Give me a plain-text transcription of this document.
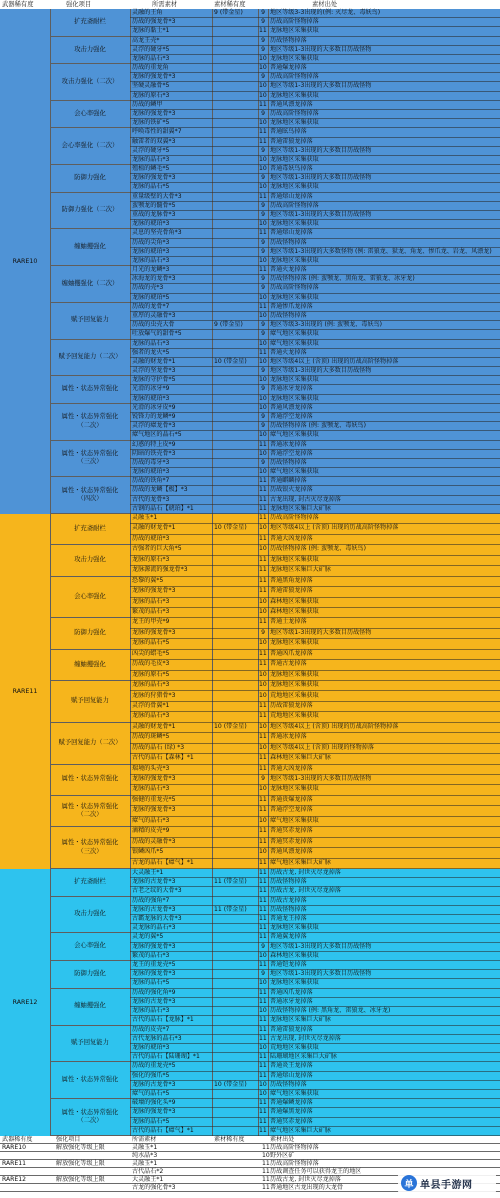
武器稀有度	强化项目	所需素材	素材稀有度	素材出处
RARE10
扩充斋耐栏
灵融的王角	9 (带金星)	9 地区等级3-3出现的(例: 灭尽龙、毒妖鸟)
历战的强龙骨*3	9 历战高阶怪物掉落
龙脉的黏土*1	11 龙脉地区采集获取
攻击力强化
高龙王壳*	9 历战怪物掉落
灵浮的硬牙*5	9 地区等级1-3出现的大多数目历战怪物
龙脉的晶石*3	10 龙脉地区采集获取
攻击力强化（二次）
历战的重龙角	10 普通爆龙掉落
龙脉的强龙骨*3	9 历战高阶怪物掉落
坚硬灵融骨*5	10 地区等级1-3出现的大多数目历战怪物
龙脉的原石*3	10 龙脉地区采集获取
会心率强化
历战的鳞甲	11 普通风漂龙掉落
龙脉的强龙骨*3	9 历战高阶怪物掉落
龙脉的铁矿*5	10 龙脉地区采集获取
会心率强化（二次）
呼唤毒性的甜翼*7	11 普通眩鸟掉落
触雷者的双翼*3	11 普通雷狼龙掉落
灵浮的硬牙*5	9 地区等级1-3出现的大多数目历战怪物
龙脉的晶石*3	10 龙脉地区采集获取
防御力强化
殖植的鳞毛*5	10 普通毒妖鸟掉落
龙脉的强龙骨*3	9 地区等级1-3出现的大多数目历战怪物
龙脉的晶石*5	10 龙脉地区采集获取
防御力强化（二次）
重量级壁的大骨*3	11 普通熔山龙掉落
蛮颚龙的髓骨*5	9 历战高阶怪物掉落
重战的龙脉骨*3	9 地区等级1-3出现的大多数目历战怪物
龙脉的琥珀*3	10 龙脉地区采集获取
缠蚰攫强化
灵息的坚壳骨角*3	11 普通熔山龙掉落
历战的尖角*3	9 历战怪物掉落
龙脉的琥珀*3	9 地区等级1-3出现的大多数怪物 (例: 雷狼龙、狱龙、角龙、惨爪龙、岩龙、风漂龙)
龙脉的晶石*3	10 龙脉地区采集获取
缠蚰攫强化（二次）
月光的龙鳞*3	11 普通火龙掉落
冰海龙的龙骨*3	9 历战怪物掉落 (例: 蛮颚龙、黑角龙、雷狼龙、冰牙龙)
历战的壳*3	9 历战高阶怪物掉落
龙脉的琥珀*5	10 龙脉地区采集获取
赋予回复能力
历战的龙骨*7	11 普通惨爪龙掉落
重厚的灵融骨*3	10 历战怪物掉落
历战的虫壳大骨	9 (带金星)	9 地区等级3-3出现的 (例: 蛮颚龙、毒妖鸟)
吐放爆气的甜骨*5	9 瘴气地区采集获取
赋予回复能力（二次）
龙脉的晶石*3	10 瘴气地区采集获取
强者的龙火*5	11 普通火龙掉落
灵融的财龙骨*1	10 (带金星)	10 地区等级4以上 (含顶) 出现的历战高阶怪物掉落
灵浮的坚龙骨*3	9 地区等级1-3出现的大多数目历战怪物
属性・状态异常强化
龙脉的守护骨*5	10 龙脉地区采集获取
光滑的冰牙*9	9 普通冰牙龙掉落
龙脉的琥珀*3	10 龙脉地区采集获取
属性・状态异常强化
（二次）
光滑的冰牙皮*9	10 普通风漂龙掉落
锐锋力的龙鳞*9	9 普通浮空龙掉落
灵浮的瘴龙骨*3	9 历战怪物掉落 (例: 蛮颚龙、毒妖鸟)
瘴气地区的晶石*5	10 瘴气地区采集获取
属性・状态异常强化
（三次）
幻惑的特上皮*9	11 普通冰龙掉落
阴暗的铁壳骨*3	10 普通浮空龙掉落
历战的毒牙*3	9 历战怪物掉落
龙脉的琥珀*3	10 瘴气地区采集获取
属性・状态异常强化
（四次）
历战的铁角*7	11 普通麒麟掉落
历战的龙鳞【极】*3	11 历战银火龙掉落
古代的龙骨*3	11 古龙出现, 封古灭尽龙掉落
古钢的晶石【琥珀】*1	11 龙脉地区采集巨大矿脉
RARE11
扩充斋耐栏
灵融玉*1	11 历战高阶怪物掉落
灵融的财龙骨*1	10 (带金星)	10 地区等级4以上 (含顶) 出现的历战高阶怪物掉落
历战的琥珀*3	11 普通大凶龙掉落
攻击力强化
古强者的巨大角*5	10 历战怪物掉落 (例: 蛮颚龙、毒妖鸟)
龙脉的原石*3	11 龙脉地区采集获取
龙脉源流的强龙骨*3	11 龙脉地区采集巨大矿脉
会心率强化
恐黎的翼*5	11 普通黑角龙掉落
龙脉的强龙骨*3	11 普通雷狼龙掉落
龙脉的晶石*3	10 森林地区采集获取
繁茂的晶石*3	10 森林地区采集获取
防御力强化
龙王的甲壳*9	11 普通土龙掉落
龙脉的强龙骨*3	9 地区等级1-3出现的大多数目历战怪物
龙脉的晶石*5	10 龙脉地区采集获取
缠蚰攫强化
凶尖的蜡毛*5	11 普通凶爪龙掉落
历战的毛皮*3	11 普通古龙掉落
龙脉的原石*5	10 龙脉地区采集获取
赋予回复能力
龙脉的晶石*3	10 龙脉地区采集获取
龙脉的狩猎骨*3	10 荒地地区采集获取
灵浮的骨翼*1	11 历战雷狼龙掉落
龙脉的晶石*3	11 荒地地区采集获取
赋予回复能力（二次）
灵融的财龙骨*1	10 (带金星)	10 地区等级4以上 (含顶) 出现的历战高阶怪物掉落
历战的斑鳞*5	11 普通冰龙掉落
历战的晶石 (绿) *3	10 地区等级4以上 (含顶) 出现的怪物掉落
古代的晶石【森林】*1	11 森林地区采集巨大矿脉
属性・状态异常强化
瑞境的头壳*3	11 普通大凶龙掉落
龙脉的强龙骨*3	9 地区等级1-3出现的大多数目历战怪物
龙脉的晶石*3	10 龙脉地区采集获取
属性・状态异常强化
（二次）
强健的重龙壳*5	11 普通贵爆龙掉落
龙脉的强龙骨*3	11 普通浮空龙掉落
瘴气的晶石*3	10 瘴气地区采集获取
属性・状态异常强化
（三次）
滴精的皮壳*9	11 普通冥赤龙掉落
历战的灵融骨*3	11 普通冥赤龙掉落
银鳞凶爪*5	10 普通风漂龙掉落
古龙的晶石【瘴气】*1	11 瘴气地区采集巨大矿脉
RARE12
扩充斋耐栏
大灵融王*1	11 历战古龙, 封世灭尽龙掉落
龙脉的古龙骨*3	11 (带金星)	11 历战怪物掉落
古老之纹的大骨*3	11 历战古龙, 封世灭尽龙掉落
攻击力强化
历战的强角*7	11 历战古龙掉落
龙脉的古龙骨*3	11 (带金星)	11 历战怪物掉落
古霸龙脉的大骨*3	11 普通龙王掉落
灵龙脉的晶石*3	11 龙脉地区采集获取
会心率强化
灵龙的翼*5	11 普通翼龙掉落
龙脉的强龙骨*3	9 地区等级1-3出现的大多数目历战怪物
繁茂的晶石*3	10 森林地区采集获取
防御力强化
龙王的重龙壳*5	11 普通铠龙掉落
龙脉的强龙骨*3	9 地区等级1-3出现的大多数目历战怪物
龙脉的晶石*5	10 龙脉地区采集获取
缠蚰攫强化
历战的强化角*9	11 普通凶爪龙掉落
龙脉的古龙骨*3	11 普通冰牙龙掉落
龙脉的晶石*3	10 历战怪物掉落 (例: 黑角龙、雷狼龙、冰牙龙)
古代的晶石【龙脉】*1	11 龙脉地区采集巨大矿脉
赋予回复能力
历战的皮壳*7	11 普通雷狼龙掉落
古代龙脉的晶石*3	11 古龙出现, 封世灭尽龙掉落
龙脉的琥珀*3	10 荒地地区采集获取
古代的晶石【陆珊瑚】*1	11 陆珊瑚地区采集巨大矿脉
属性・状态异常强化
历战的重龙壳*5	11 普通炎王龙掉落
强化的强爪*5	11 普通熔山龙掉落
龙脉的古龙骨*3	10 (带金星)	10 历战怪物掉落
瘴气的晶石*5	10 瘴气地区采集获取
属性・状态异常强化
（二次）
破壊的强化头*9	11 普通爆鳞龙掉落
龙脉的强龙骨*3	11 普通爆黑龙掉落
龙脉的晶石*5	11 普通冥赤龙掉落
古代的晶石【瘴气】*1	11 瘴气地区采集巨大矿脉
武器稀有度	强化项目	所需素材	素材稀有度	素材出处
RARE10	解放强化等级上限	灵融玉*1	11 历战高阶怪物掉落
纯水晶*3	10 野外区矿
RARE11	解放强化等级上限	灵融玉*1	11 历战高阶怪物掉落
古代晶石*2	11 历战调查任务可以获得龙王的地区
RARE12	解放强化等级上限	大灵融王*1	11 历战古龙, 封世灭尽龙掉落
古龙的强化骨*3	11 普通地区古龙出现的大龙骨	单 单县手游网
